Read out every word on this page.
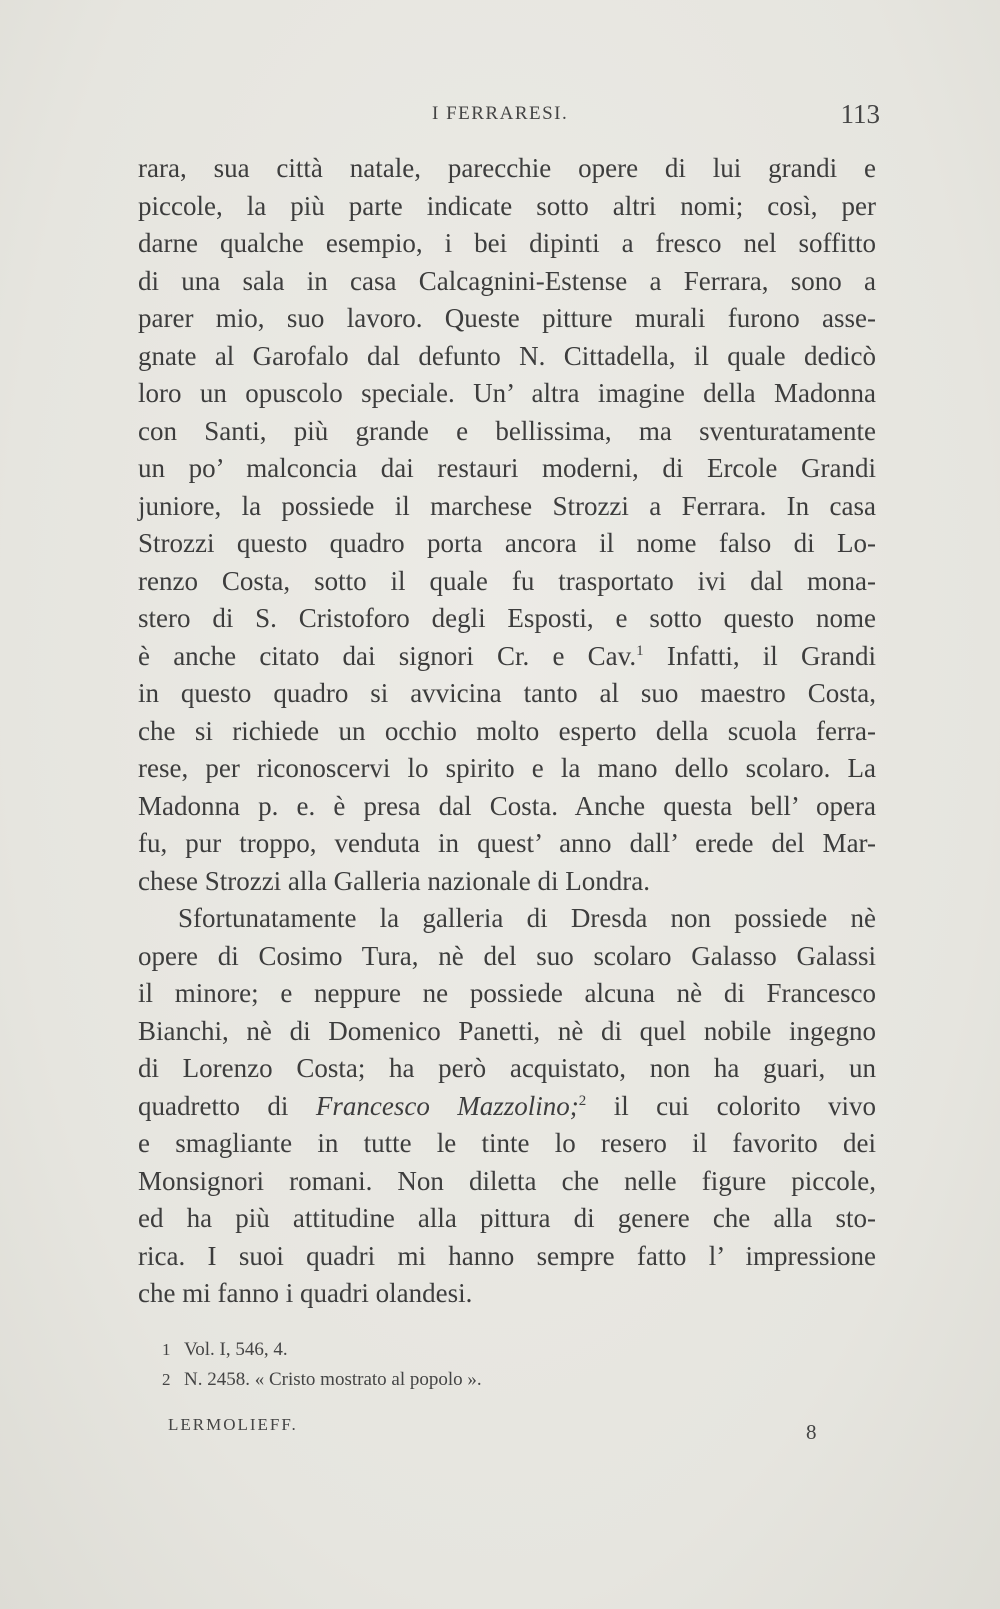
I FERRARESI.	113
rara, sua città natale, parecchie opere di lui grandi e
piccole, la più parte indicate sotto altri nomi; così, per
darne qualche esempio, i bei dipinti a fresco nel soffitto
di una sala in casa Calcagnini-Estense a Ferrara, sono a
parer mio, suo lavoro. Queste pitture murali furono asse-
gnate al Garofalo dal defunto N. Cittadella, il quale dedicò
loro un opuscolo speciale. Un’ altra imagine della Madonna
con Santi, più grande e bellissima, ma sventuratamente
un po’ malconcia dai restauri moderni, di Ercole Grandi
juniore, la possiede il marchese Strozzi a Ferrara. In casa
Strozzi questo quadro porta ancora il nome falso di Lo-
renzo Costa, sotto il quale fu trasportato ivi dal mona-
stero di S. Cristoforo degli Esposti, e sotto questo nome
è anche citato dai signori Cr. e Cav.$^1$ Infatti, il Grandi
in questo quadro si avvicina tanto al suo maestro Costa,
che si richiede un occhio molto esperto della scuola ferra-
rese, per riconoscervi lo spirito e la mano dello scolaro. La
Madonna p. e. è presa dal Costa. Anche questa bell’ opera
fu, pur troppo, venduta in quest’ anno dall’ erede del Mar-
chese Strozzi alla Galleria nazionale di Londra.
Sfortunatamente la galleria di Dresda non possiede nè
opere di Cosimo Tura, nè del suo scolaro Galasso Galassi
il minore; e neppure ne possiede alcuna nè di Francesco
Bianchi, nè di Domenico Panetti, nè di quel nobile ingegno
di Lorenzo Costa; ha però acquistato, non ha guari, un
quadretto di Francesco Mazzolino;$^2$ il cui colorito vivo
e smagliante in tutte le tinte lo resero il favorito dei
Monsignori romani. Non diletta che nelle figure piccole,
ed ha più attitudine alla pittura di genere che alla sto-
rica. I suoi quadri mi hanno sempre fatto l’ impressione
che mi fanno i quadri olandesi.
1 Vol. I, 546, 4.
2 N. 2458. « Cristo mostrato al popolo ».
LERMOLIEFF.	8
